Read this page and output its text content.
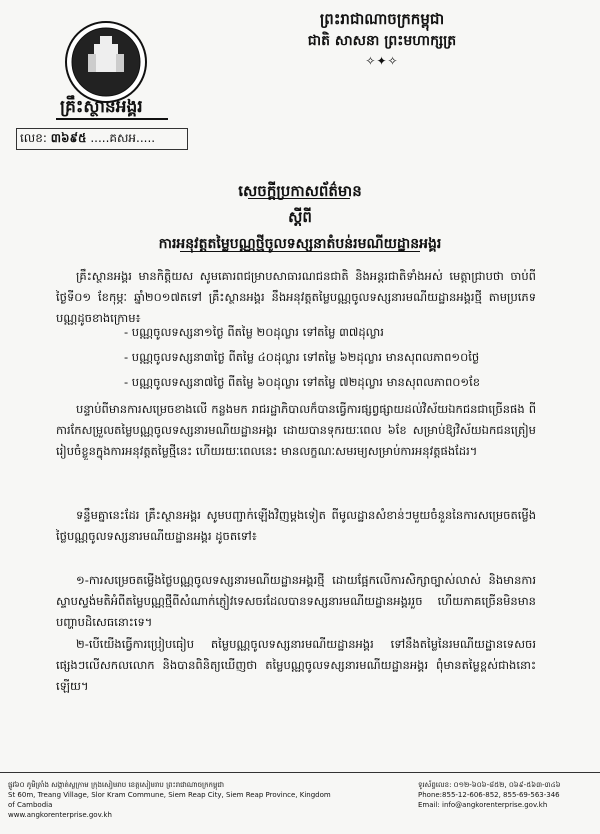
ព្រះរាជាណាចក្រកម្ពុជា
ជាតិ សាសនា ព្រះមហាក្សត្រ
✧✦✧
គ្រឹះស្ថានអង្គរ
លេខ: ៣៦៩៥ .....គសអ.....
សេចក្តីប្រកាសព័ត៌មាន
ស្តីពី
ការអនុវត្តតម្លៃបណ្ណថ្មីចូលទស្សនាតំបន់រមណីយដ្ឋានអង្គរ
គ្រឹះស្ថានអង្គរ មានកិត្តិយស សូមគោរពជម្រាបសាធារណជនជាតិ និងអន្តរជាតិទាំងអស់ មេត្តាជ្រាបថា ចាប់ពីថ្ងៃទី០១ ខែកុម្ភៈ ឆ្នាំ២០១៧តទៅ គ្រឹះស្ថានអង្គរ នឹងអនុវត្តតម្លៃបណ្ណចូលទស្សនារមណីយដ្ឋានអង្គរថ្មី តាមប្រភេទបណ្ណដូចខាងក្រោម៖
- បណ្ណចូលទស្សនា១ថ្ងៃ ពីតម្លៃ ២០ដុល្លារ ទៅតម្លៃ ៣៧ដុល្លារ
- បណ្ណចូលទស្សនា៣ថ្ងៃ ពីតម្លៃ ៤០ដុល្លារ ទៅតម្លៃ ៦២ដុល្លារ មានសុពលភាព១០ថ្ងៃ
- បណ្ណចូលទស្សនា៧ថ្ងៃ ពីតម្លៃ ៦០ដុល្លារ ទៅតម្លៃ ៧២ដុល្លារ មានសុពលភាព០១ខែ
បន្ទាប់ពីមានការសម្រេចខាងលើ កន្លងមក រាជរដ្ឋាភិបាលក៏បានធ្វើការផ្សព្វផ្សាយដល់វិស័យឯកជនជាច្រើនផង ពីការកែសម្រួលតម្លៃបណ្ណចូលទស្សនារមណីយដ្ឋានអង្គរ ដោយបានទុករយៈពេល ៦ខែ សម្រាប់ឱ្យវិស័យឯកជនត្រៀមរៀបចំខ្លួនក្នុងការអនុវត្តតម្លៃថ្មីនេះ ហើយរយៈពេលនេះ មានលក្ខណៈសមរម្យសម្រាប់ការអនុវត្តផងដែរ។
ទន្ទឹមគ្នានេះដែរ គ្រឹះស្ថានអង្គរ សូមបញ្ជាក់ឡើងវិញម្តងទៀត ពីមូលដ្ឋានសំខាន់ៗមួយចំនួននៃការសម្រេចតម្លើងថ្លៃបណ្ណចូលទស្សនារមណីយដ្ឋានអង្គរ ដូចតទៅ៖
១-ការសម្រេចតម្លើងថ្លៃបណ្ណចូលទស្សនារមណីយដ្ឋានអង្គរថ្មី ដោយផ្អែកលើការសិក្សាច្បាស់លាស់ និងមានការស្ទាបស្ទង់មតិអំពីតម្លៃបណ្ណថ្មីពីសំណាក់ភ្ញៀវទេសចរដែលបានទស្សនារមណីយដ្ឋានអង្គររួច ហើយភាគច្រើនមិនមានបញ្ហាបដិសេធនោះទេ។
២-បើយើងធ្វើការប្រៀបធៀប តម្លៃបណ្ណចូលទស្សនារមណីយដ្ឋានអង្គរ ទៅនឹងតម្លៃនៃរមណីយដ្ឋានទេសចរផ្សេងៗលើសកលលោក និងបានពិនិត្យឃើញថា តម្លៃបណ្ណចូលទស្សនារមណីយដ្ឋានអង្គរ ពុំមានតម្លៃខ្ពស់ជាងនោះឡើយ។
ផ្លូវ៦០ ភូមិត្រាំង សង្កាត់ស្លក្រាម ក្រុងសៀមរាប ខេត្តសៀមរាប ព្រះរាជាណាចក្រកម្ពុជា
St 60m, Treang Village, Slor Kram Commune, Siem Reap City, Siem Reap Province, Kingdom of Cambodia
www.angkorenterprise.gov.kh
ទូរស័ព្ទលេខ: ០១២-៦០៦-៨៥២, ០៦៩-៥៦៣-៣៤៦
Phone:855-12-606-852, 855-69-563-346
Email: info@angkorenterprise.gov.kh
